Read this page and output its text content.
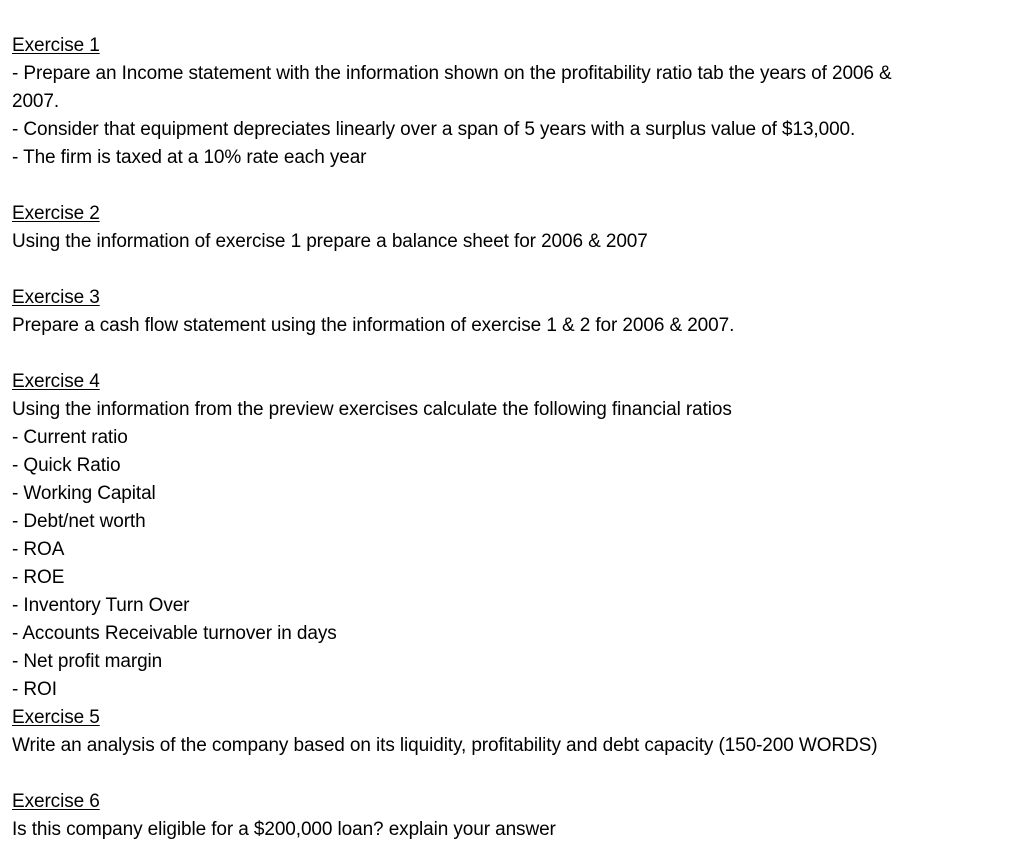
Exercise 1
- Prepare an Income statement with the information shown on the profitability ratio tab the years of 2006 &
2007.
- Consider that equipment depreciates linearly over a span of 5 years with a surplus value of $13,000.
- The firm is taxed at a 10% rate each year
Exercise 2
Using the information of exercise 1 prepare a balance sheet for 2006 & 2007
Exercise 3
Prepare a cash flow statement using the information of exercise 1 & 2 for 2006 & 2007.
Exercise 4
Using the information from the preview exercises calculate the following financial ratios
- Current ratio
- Quick Ratio
- Working Capital
- Debt/net worth
- ROA
- ROE
- Inventory Turn Over
- Accounts Receivable turnover in days
- Net profit margin
- ROI
Exercise 5
Write an analysis of the company based on its liquidity, profitability and debt capacity (150-200 WORDS)
Exercise 6
Is this company eligible for a $200,000 loan? explain your answer
